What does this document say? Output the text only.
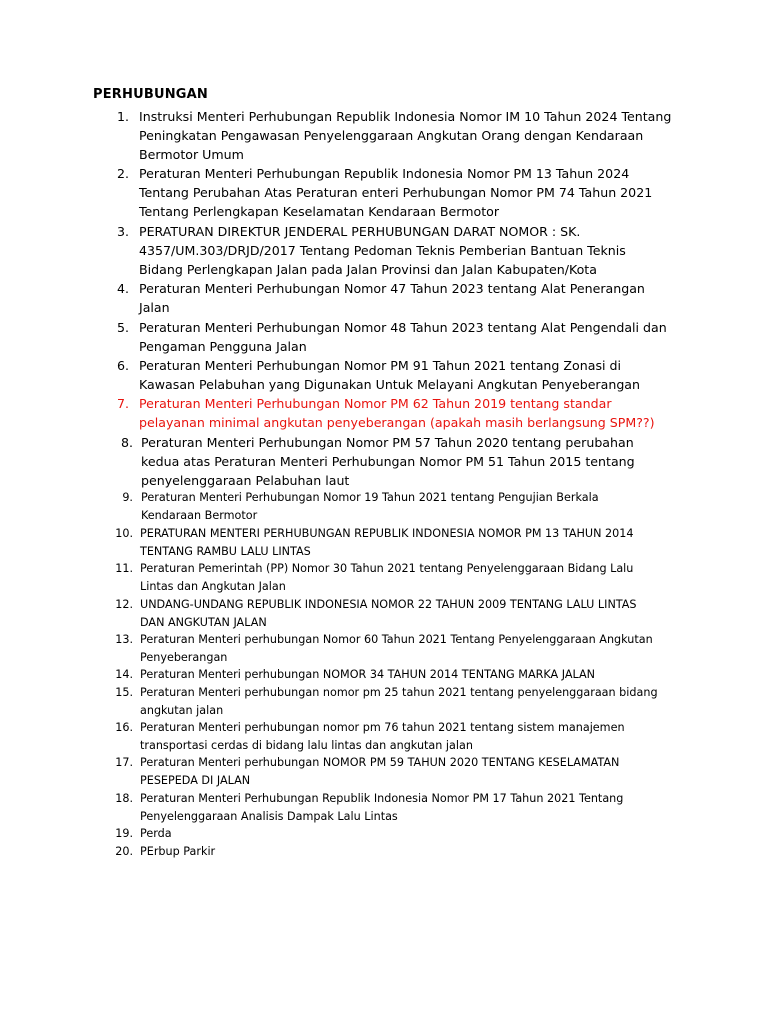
PERHUBUNGAN
1. Instruksi Menteri Perhubungan Republik Indonesia Nomor IM 10 Tahun 2024 Tentang
Peningkatan Pengawasan Penyelenggaraan Angkutan Orang dengan Kendaraan
Bermotor Umum
2. Peraturan Menteri Perhubungan Republik Indonesia Nomor PM 13 Tahun 2024
Tentang Perubahan Atas Peraturan enteri Perhubungan Nomor PM 74 Tahun 2021
Tentang Perlengkapan Keselamatan Kendaraan Bermotor
3. PERATURAN DIREKTUR JENDERAL PERHUBUNGAN DARAT NOMOR : SK.
4357/UM.303/DRJD/2017 Tentang Pedoman Teknis Pemberian Bantuan Teknis
Bidang Perlengkapan Jalan pada Jalan Provinsi dan Jalan Kabupaten/Kota
4. Peraturan Menteri Perhubungan Nomor 47 Tahun 2023 tentang Alat Penerangan
Jalan
5. Peraturan Menteri Perhubungan Nomor 48 Tahun 2023 tentang Alat Pengendali dan
Pengaman Pengguna Jalan
6. Peraturan Menteri Perhubungan Nomor PM 91 Tahun 2021 tentang Zonasi di
Kawasan Pelabuhan yang Digunakan Untuk Melayani Angkutan Penyeberangan
7. Peraturan Menteri Perhubungan Nomor PM 62 Tahun 2019 tentang standar
pelayanan minimal angkutan penyeberangan (apakah masih berlangsung SPM??)
8. Peraturan Menteri Perhubungan Nomor PM 57 Tahun 2020 tentang perubahan
kedua atas Peraturan Menteri Perhubungan Nomor PM 51 Tahun 2015 tentang
penyelenggaraan Pelabuhan laut
9. Peraturan Menteri Perhubungan Nomor 19 Tahun 2021 tentang Pengujian Berkala
Kendaraan Bermotor
10. PERATURAN MENTERI PERHUBUNGAN REPUBLIK INDONESIA NOMOR PM 13 TAHUN 2014
TENTANG RAMBU LALU LINTAS
11. Peraturan Pemerintah (PP) Nomor 30 Tahun 2021 tentang Penyelenggaraan Bidang Lalu
Lintas dan Angkutan Jalan
12. UNDANG-UNDANG REPUBLIK INDONESIA NOMOR 22 TAHUN 2009 TENTANG LALU LINTAS
DAN ANGKUTAN JALAN
13. Peraturan Menteri perhubungan Nomor 60 Tahun 2021 Tentang Penyelenggaraan Angkutan
Penyeberangan
14. Peraturan Menteri perhubungan NOMOR 34 TAHUN 2014 TENTANG MARKA JALAN
15. Peraturan Menteri perhubungan nomor pm 25 tahun 2021 tentang penyelenggaraan bidang
angkutan jalan
16. Peraturan Menteri perhubungan nomor pm 76 tahun 2021 tentang sistem manajemen
transportasi cerdas di bidang lalu lintas dan angkutan jalan
17. Peraturan Menteri perhubungan NOMOR PM 59 TAHUN 2020 TENTANG KESELAMATAN
PESEPEDA DI JALAN
18. Peraturan Menteri Perhubungan Republik Indonesia Nomor PM 17 Tahun 2021 Tentang
Penyelenggaraan Analisis Dampak Lalu Lintas
19. Perda
20. PErbup Parkir
